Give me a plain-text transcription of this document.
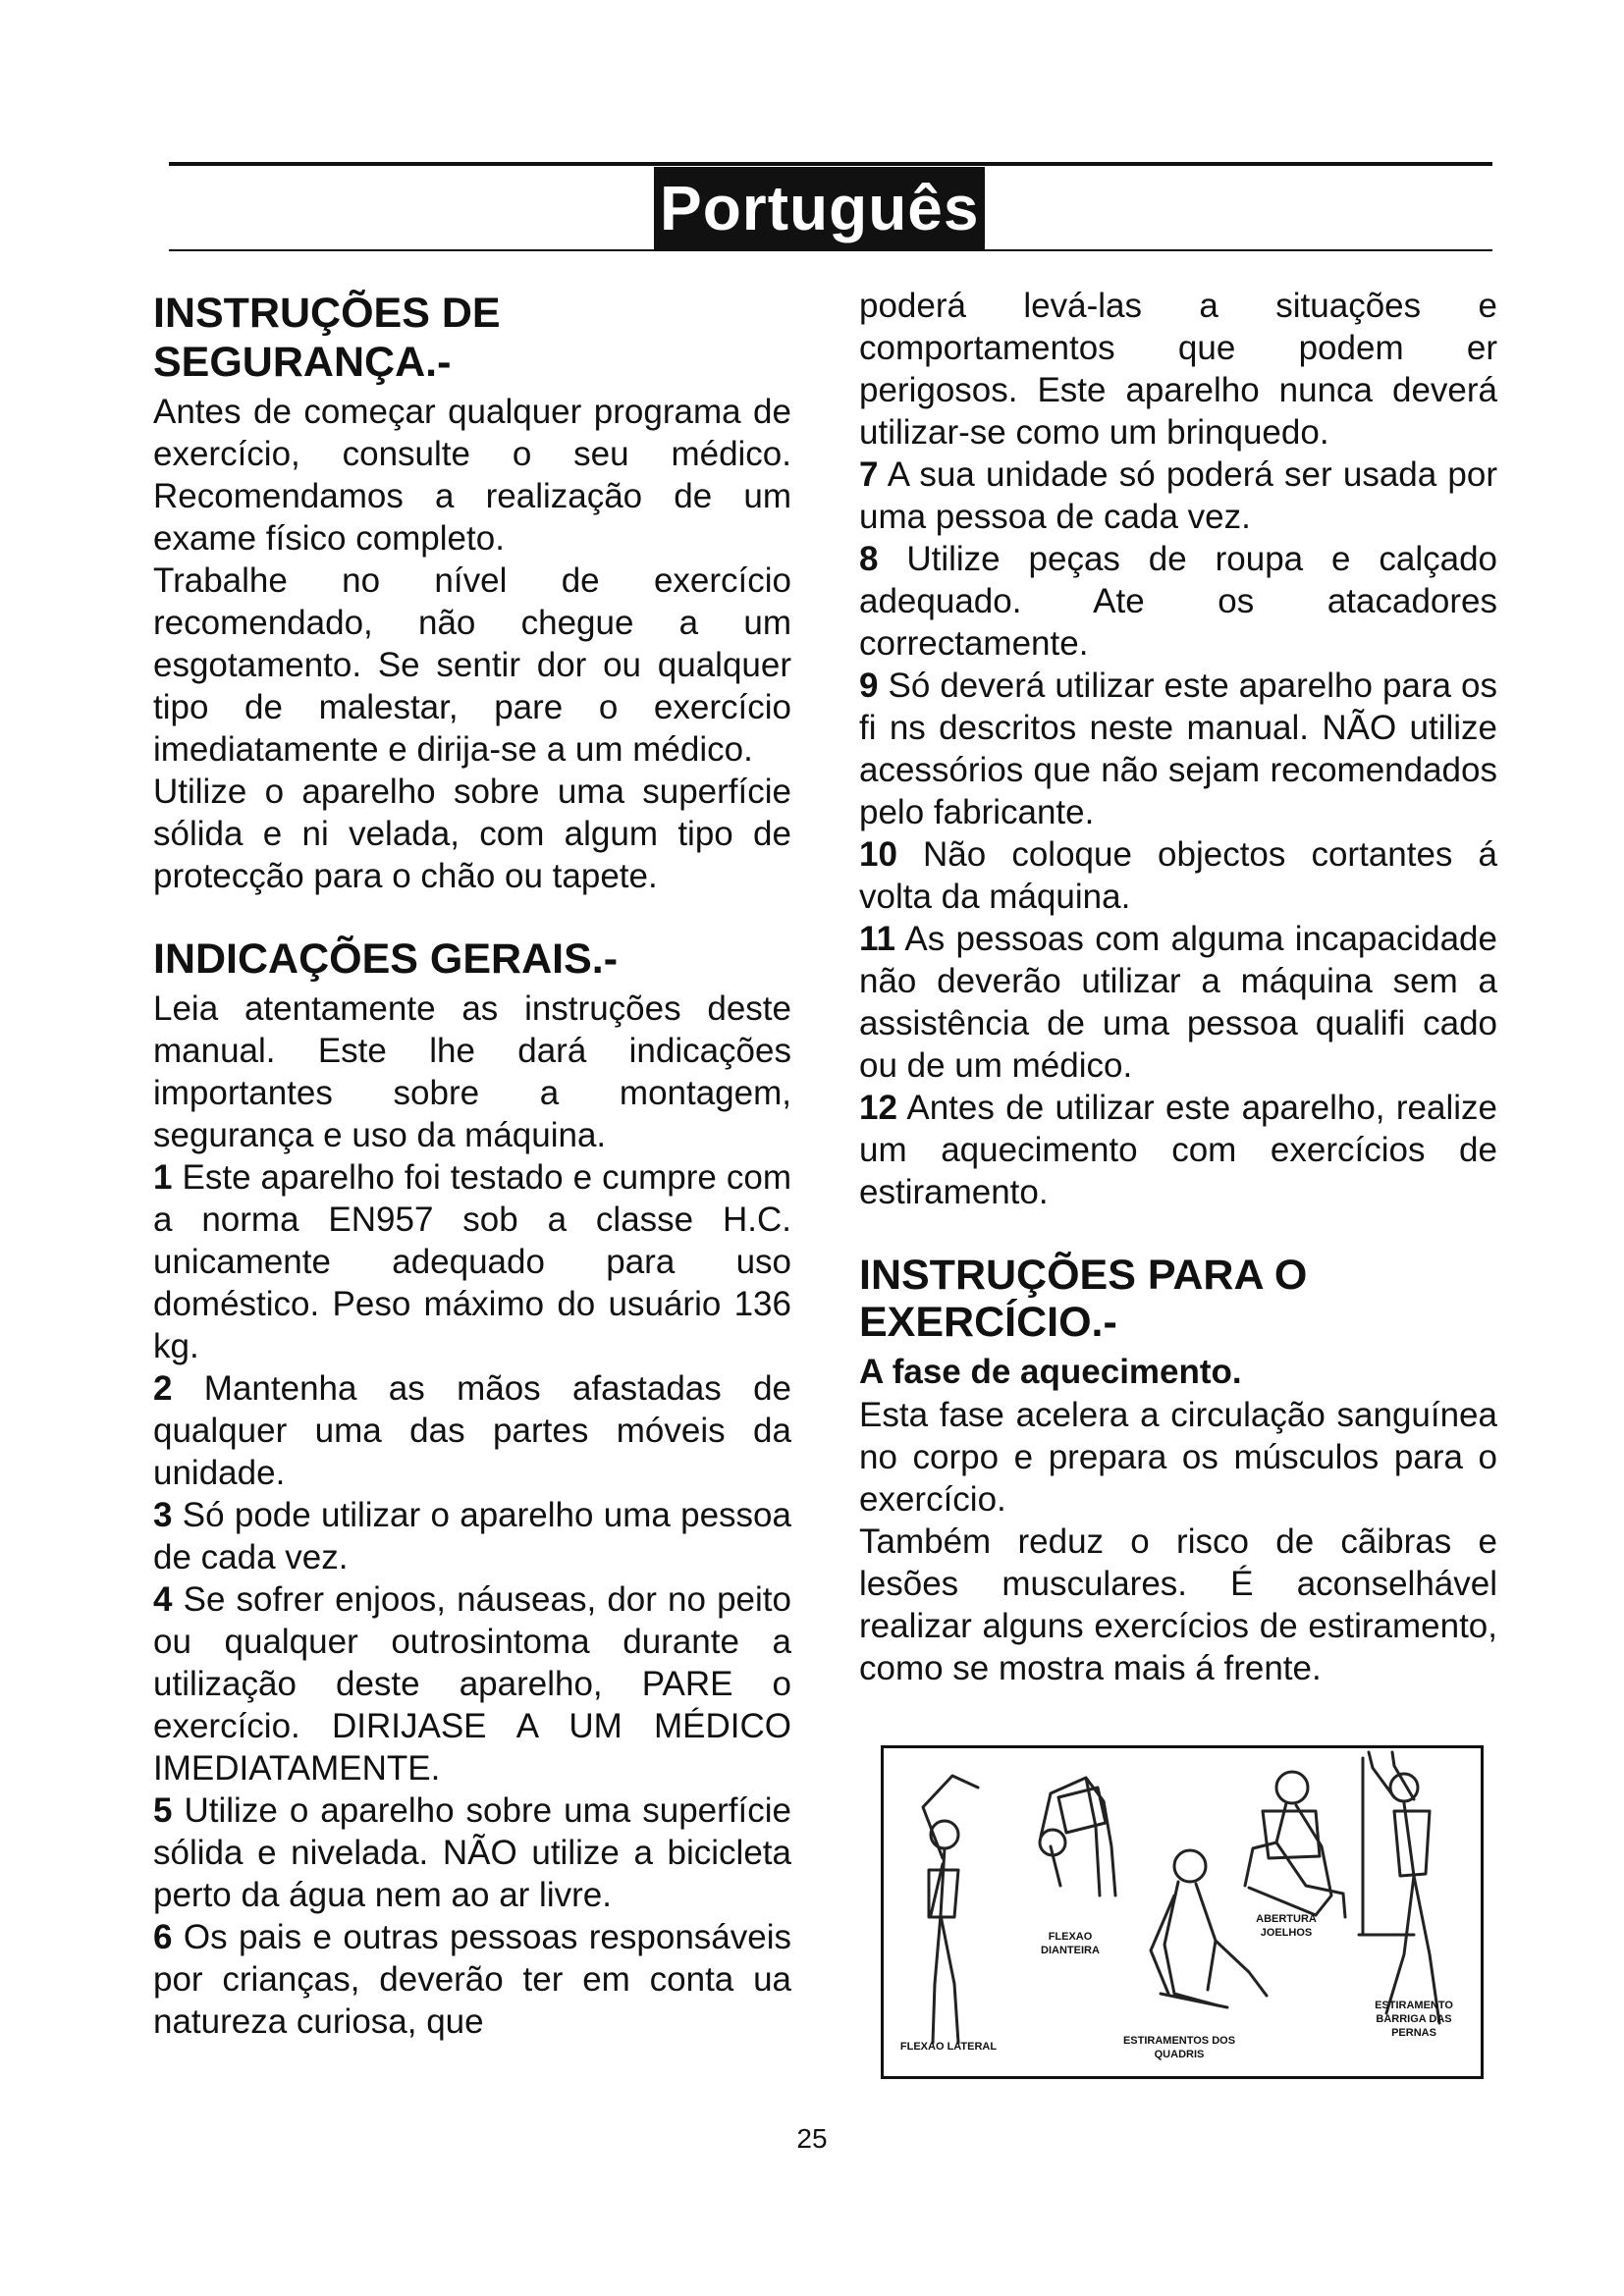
Português
INSTRUÇÕES DE SEGURANÇA.-

Antes de começar qualquer programa de exercício, consulte o seu médico. Recomendamos a realização de um exame físico completo.

Trabalhe no nível de exercício recomendado, não chegue a um esgotamento. Se sentir dor ou qualquer tipo de malestar, pare o exercício imediatamente e dirija-se a um médico.

Utilize o aparelho sobre uma superfície sólida e ni velada, com algum tipo de protecção para o chão ou tapete.

INDICAÇÕES GERAIS.-

Leia atentamente as instruções deste manual. Este lhe dará indicações importantes sobre a montagem, segurança e uso da máquina.

1 Este aparelho foi testado e cumpre com a norma EN957 sob a classe H.C. unicamente adequado para uso doméstico. Peso máximo do usuário 136 kg.

2 Mantenha as mãos afastadas de qualquer uma das partes móveis da unidade.

3 Só pode utilizar o aparelho uma pessoa de cada vez.

4 Se sofrer enjoos, náuseas, dor no peito ou qualquer outrosintoma durante a utilização deste aparelho, PARE o exercício. DIRIJASE A UM MÉDICO IMEDIATAMENTE.

5 Utilize o aparelho sobre uma superfície sólida e nivelada. NÃO utilize a bicicleta perto da água nem ao ar livre.

6 Os pais e outras pessoas responsáveis por crianças, deverão ter em conta ua natureza curiosa, que

poderá levá-las a situações e comportamentos que podem er perigosos. Este aparelho nunca deverá utilizar-se como um brinquedo.

7 A sua unidade só poderá ser usada por uma pessoa de cada vez.

8 Utilize peças de roupa e calçado adequado. Ate os atacadores correctamente.

9 Só deverá utilizar este aparelho para os fi ns descritos neste manual. NÃO utilize acessórios que não sejam recomendados pelo fabricante.

10 Não coloque objectos cortantes á volta da máquina.

11 As pessoas com alguma incapacidade não deverão utilizar a máquina sem a assistência de uma pessoa qualifi cado ou de um médico.

12 Antes de utilizar este aparelho, realize um aquecimento com exercícios de estiramento.

INSTRUÇÕES PARA O
EXERCÍCIO.-
A fase de aquecimento.

Esta fase acelera a circulação sanguínea no corpo e prepara os músculos para o exercício.

Também reduz o risco de cãibras e lesões musculares. É aconselhável realizar alguns exercícios de estiramento, como se mostra mais á frente.

FLEXAO LATERAL
FLEXAO
DIANTEIRA
ESTIRAMENTOS DOS
QUADRIS
ABERTURA
JOELHOS
ESTIRAMENTO
BARRIGA DAS
PERNAS
25
